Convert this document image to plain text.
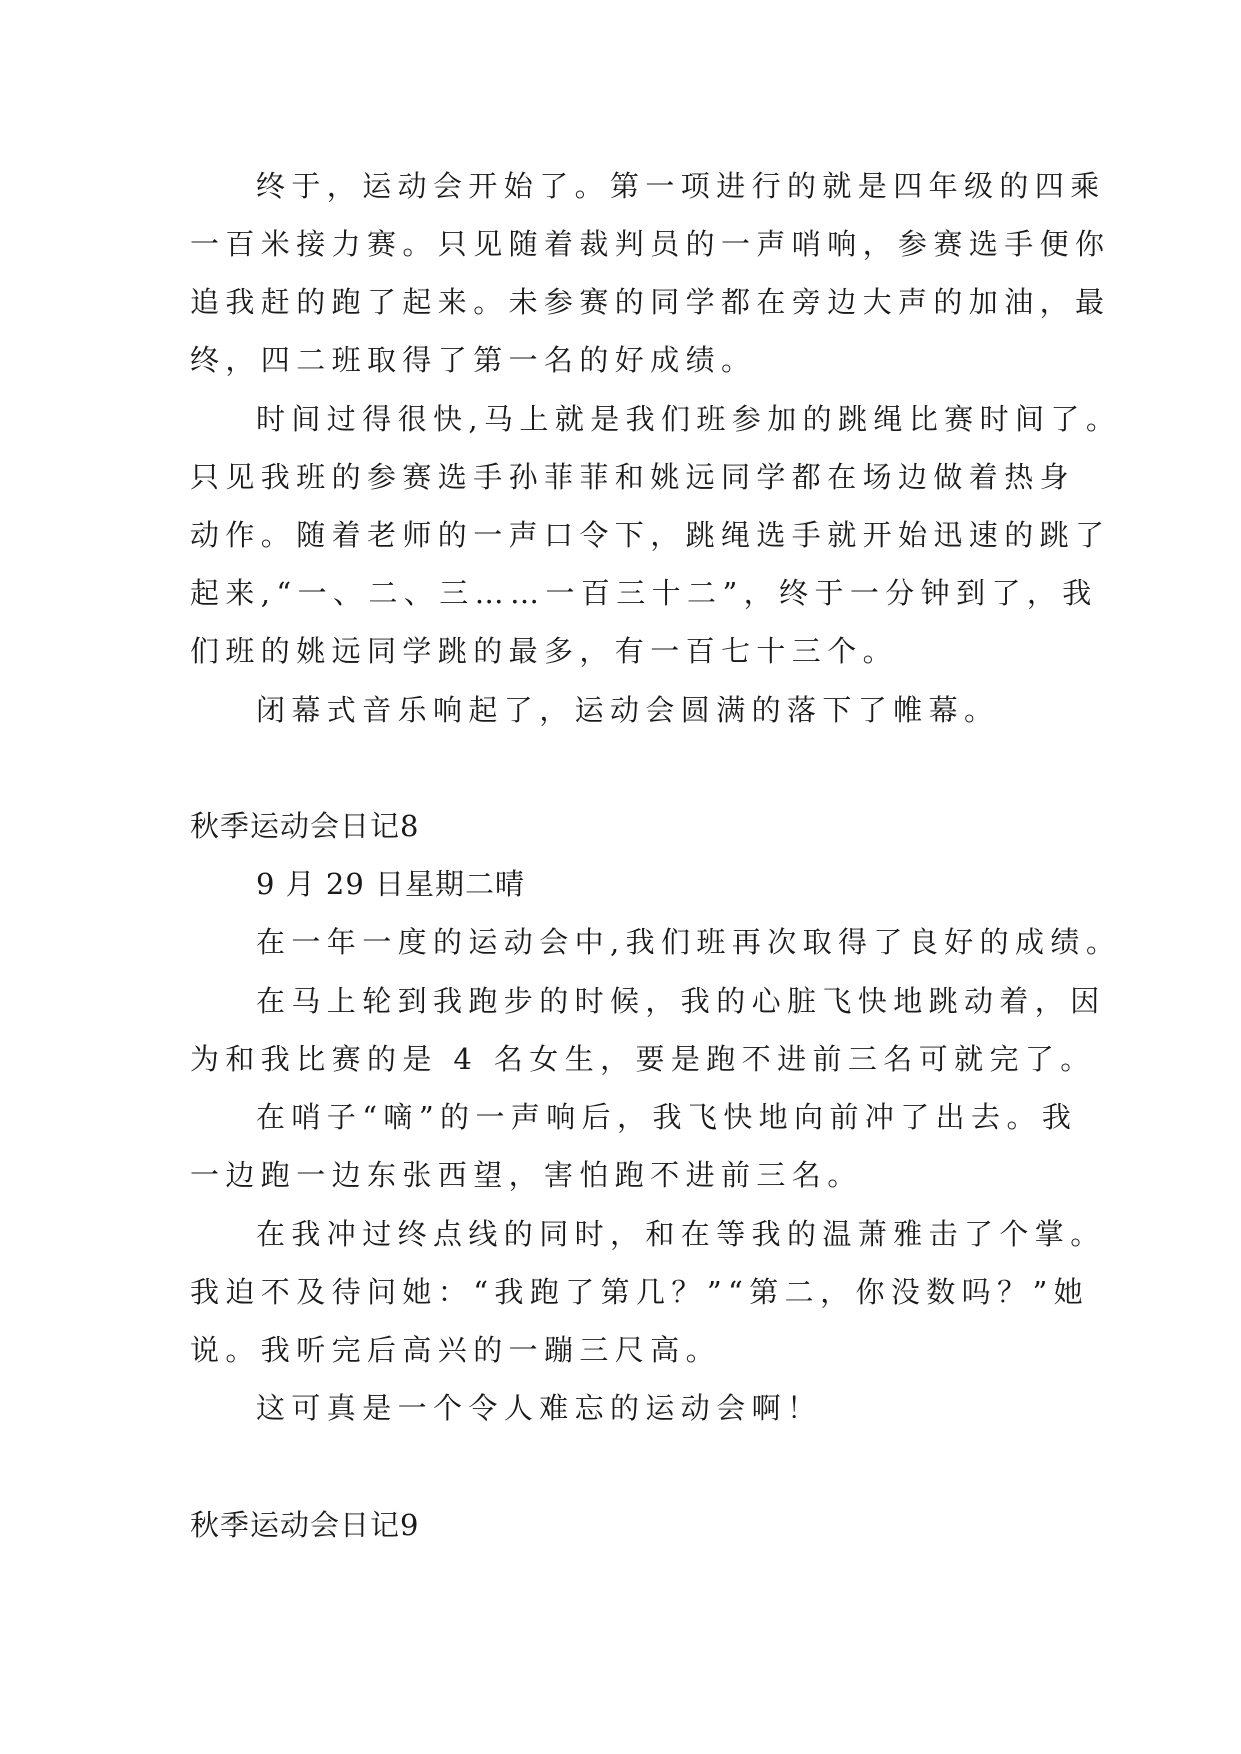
终于，运动会开始了。第一项进行的就是四年级的四乘
一百米接力赛。只见随着裁判员的一声哨响，参赛选手便你
追我赶的跑了起来。未参赛的同学都在旁边大声的加油，最
终，四二班取得了第一名的好成绩。
时间过得很快,马上就是我们班参加的跳绳比赛时间了。
只见我班的参赛选手孙菲菲和姚远同学都在场边做着热身
动作。随着老师的一声口令下，跳绳选手就开始迅速的跳了
起来,“一、二、三……一百三十二”，终于一分钟到了，我
们班的姚远同学跳的最多，有一百七十三个。
闭幕式音乐响起了，运动会圆满的落下了帷幕。
秋季运动会日记8
9 月 29 日星期二晴
在一年一度的运动会中,我们班再次取得了良好的成绩。
在马上轮到我跑步的时候，我的心脏飞快地跳动着，因
为和我比赛的是 4 名女生，要是跑不进前三名可就完了。
在哨子“嘀”的一声响后，我飞快地向前冲了出去。我
一边跑一边东张西望，害怕跑不进前三名。
在我冲过终点线的同时，和在等我的温萧雅击了个掌。
我迫不及待问她：“我跑了第几？”“第二，你没数吗？”她
说。我听完后高兴的一蹦三尺高。
这可真是一个令人难忘的运动会啊！
秋季运动会日记9
